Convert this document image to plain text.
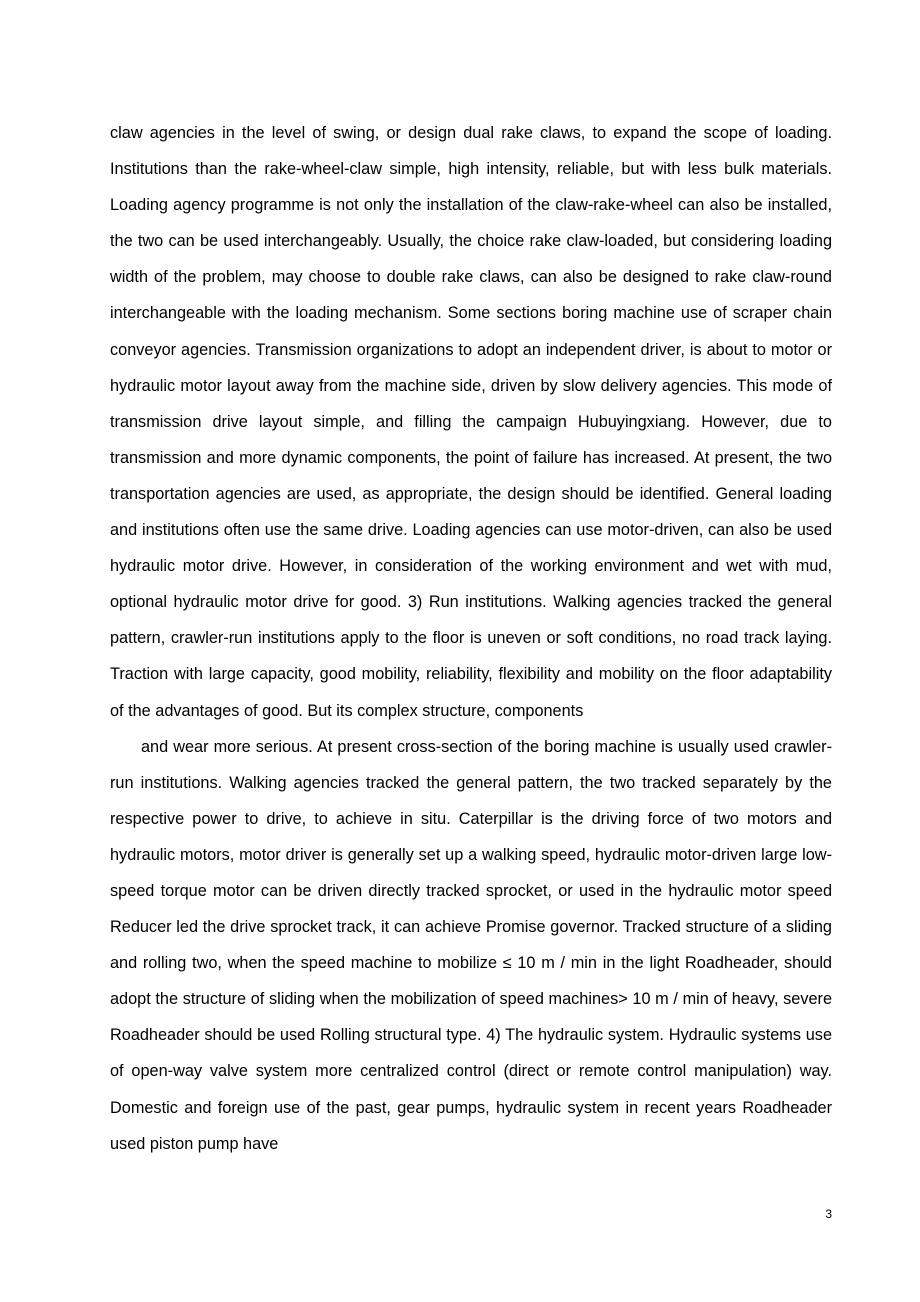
claw agencies in the level of swing, or design dual rake claws, to expand the scope of loading. Institutions than the rake-wheel-claw simple, high intensity, reliable, but with less bulk materials. Loading agency programme is not only the installation of the claw-rake-wheel can also be installed, the two can be used interchangeably. Usually, the choice rake claw-loaded, but considering loading width of the problem, may choose to double rake claws, can also be designed to rake claw-round interchangeable with the loading mechanism. Some sections boring machine use of scraper chain conveyor agencies. Transmission organizations to adopt an independent driver, is about to motor or hydraulic motor layout away from the machine side, driven by slow delivery agencies. This mode of transmission drive layout simple, and filling the campaign Hubuyingxiang. However, due to transmission and more dynamic components, the point of failure has increased. At present, the two transportation agencies are used, as appropriate, the design should be identified. General loading and institutions often use the same drive. Loading agencies can use motor-driven, can also be used hydraulic motor drive. However, in consideration of the working environment and wet with mud, optional hydraulic motor drive for good. 3) Run institutions. Walking agencies tracked the general pattern, crawler-run institutions apply to the floor is uneven or soft conditions, no road track laying. Traction with large capacity, good mobility, reliability, flexibility and mobility on the floor adaptability of the advantages of good. But its complex structure, components

and wear more serious. At present cross-section of the boring machine is usually used crawler-run institutions. Walking agencies tracked the general pattern, the two tracked separately by the respective power to drive, to achieve in situ. Caterpillar is the driving force of two motors and hydraulic motors, motor driver is generally set up a walking speed, hydraulic motor-driven large low-speed torque motor can be driven directly tracked sprocket, or used in the hydraulic motor speed Reducer led the drive sprocket track, it can achieve Promise governor. Tracked structure of a sliding and rolling two, when the speed machine to mobilize ≤ 10 m / min in the light Roadheader, should adopt the structure of sliding when the mobilization of speed machines> 10 m / min of heavy, severe Roadheader should be used Rolling structural type. 4) The hydraulic system. Hydraulic systems use of open-way valve system more centralized control (direct or remote control manipulation) way. Domestic and foreign use of the past, gear pumps, hydraulic system in recent years Roadheader used piston pump have

3
